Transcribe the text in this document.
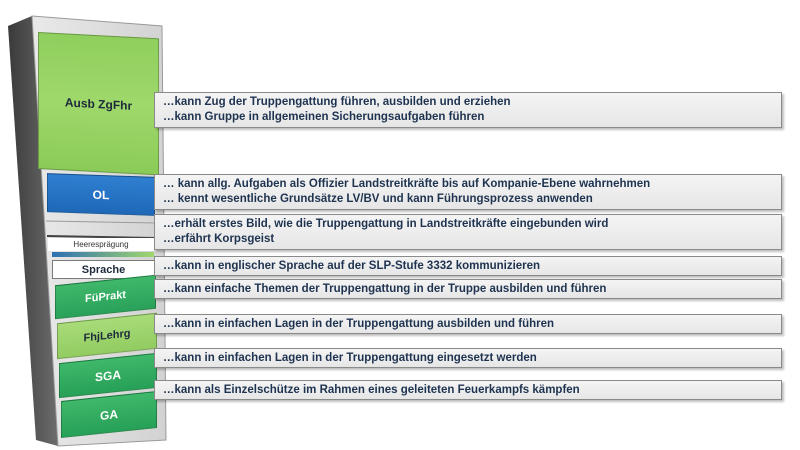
Ausb ZgFhr
OL
Heeresprägung
Sprache
FüPrakt
FhjLehrg
SGA
GA
…kann Zug der Truppengattung führen, ausbilden und erziehen
…kann Gruppe in allgemeinen Sicherungsaufgaben führen
… kann allg. Aufgaben als Offizier Landstreitkräfte bis auf Kompanie-Ebene wahrnehmen
… kennt wesentliche Grundsätze LV/BV und kann Führungsprozess anwenden
…erhält erstes Bild, wie die Truppengattung in Landstreitkräfte eingebunden wird
…erfährt Korpsgeist
…kann in englischer Sprache auf der SLP-Stufe 3332 kommunizieren
…kann einfache Themen der Truppengattung in der Truppe ausbilden und führen
…kann in einfachen Lagen in der Truppengattung ausbilden und führen
…kann in einfachen Lagen in der Truppengattung eingesetzt werden
…kann als Einzelschütze im Rahmen eines geleiteten Feuerkampfs kämpfen
